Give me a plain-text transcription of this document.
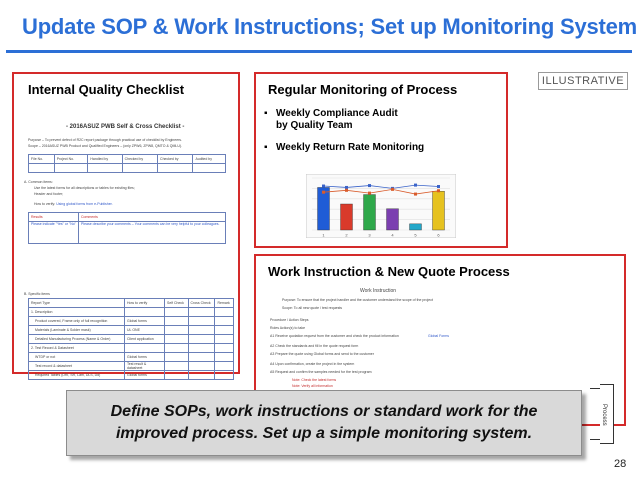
Update SOP & Work Instructions; Set up Monitoring System
ILLUSTRATIVE
Internal Quality Checklist
- 2016ASUZ PWB Self & Cross Checklist -
Purpose – To prevent defect of R2C report package through practical use of checklist by Engineers.
Scope – 2016ASUZ PWB Product and Qualified Engineers – (only ZPW6, ZPW8, QMTO & QMLU).
File No.	Project No.	Handled by	Checked by	Checked by	Audited by

A. Common items:
Use the latest forms for all descriptions or tables for existing files;
Header and footer;
How to verify: Using global forms from e-Publisher.
Results	Comments
Please indicate "Yes" or "No"	Please describe your comments – Your comments can be very helpful to your colleagues.
B. Specific items
Report Type	How to verify	Self Check	Cross Check	Remark
1. Description				
Product covered, Frame only of full recognition	Global forms			
Materials (Laminate & Solder mask)	UL ONE			
Detailed Manufacturing Process (Name & Order)	Client application			
2. Test Record & Datasheet				
WTDP or not	Global forms			
Test record & datasheet	Test result & datasheet			
Required Tables (DRI, SR, Lam, DLS, Dd)	Global forms			
Regular Monitoring of Process
▪ Weekly Compliance Audit by Quality Team
▪ Weekly Return Rate Monitoring
1	2	3	4	5	6
Work Instruction & New Quote Process
Work Instruction
Purpose: To ensure that the project handler and the customer understand the scope of the project
Scope: To all new quote / test requests
Procedure / Action Steps
Roles Action(s) to take
A1 Receive quotation request from the customer and check the product information	Global Forms
A2 Check the standards and fill in the quote request form
A3 Prepare the quote using Global forms and send to the customer
A4 Upon confirmation, create the project in the system
A5 Request and confirm the samples needed for the test program
Note: Check the latest forms
Note: Verify all information
Process
Define SOPs, work instructions or standard work for the
improved process. Set up a simple monitoring system.
28
